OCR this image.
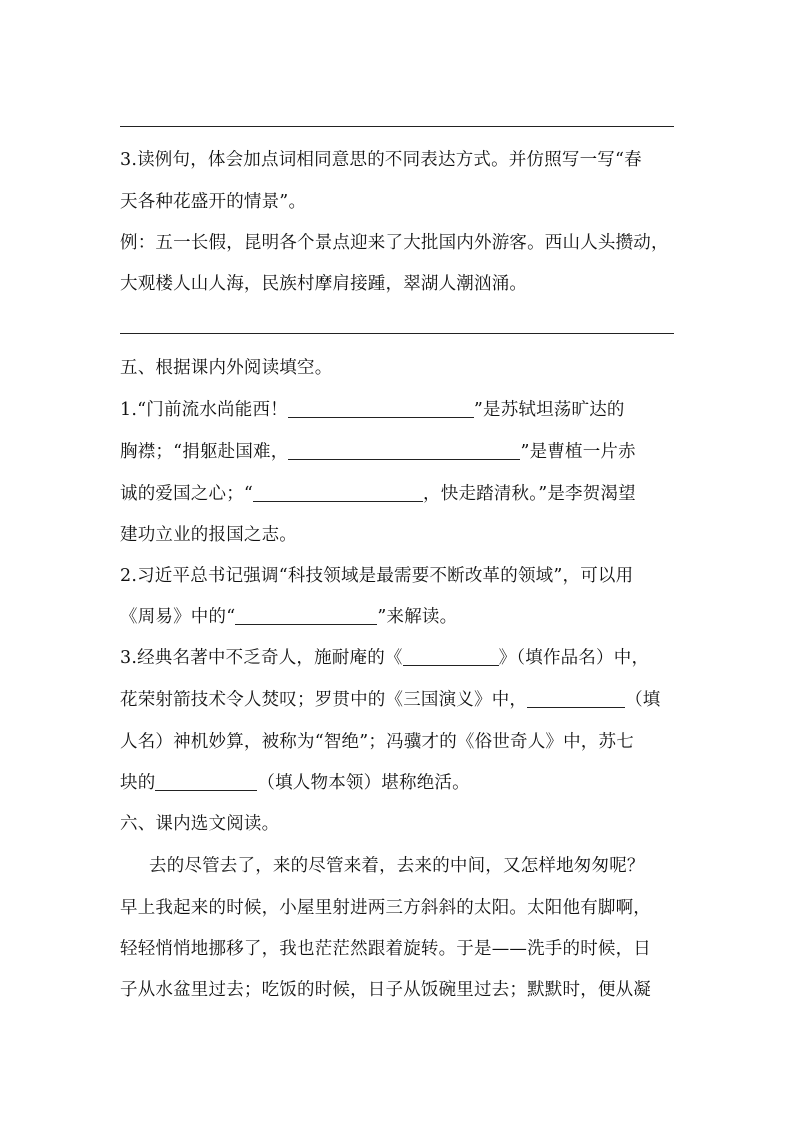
3.读例句，体会加点词相同意思的不同表达方式。并仿照写一写“春
天各种花盛开的情景”。
例：五一长假，昆明各个景点迎来了大批国内外游客。西山人头攒动，
大观楼人山人海，民族村摩肩接踵，翠湖人潮汹涌。
五、根据课内外阅读填空。
1.“门前流水尚能西！	”是苏轼坦荡旷达的
胸襟；“捐躯赴国难，	”是曹植一片赤
诚的爱国之心；“	，快走踏清秋。”是李贺渴望
建功立业的报国之志。
2.习近平总书记强调“科技领域是最需要不断改革的领域”，可以用
《周易》中的“	”来解读。
3.经典名著中不乏奇人，施耐庵的《	》（填作品名）中，
花荣射箭技术令人焚叹；罗贯中的《三国演义》中，	（填
人名）神机妙算，被称为“智绝”；冯骥才的《俗世奇人》中，苏七
块的	（填人物本领）堪称绝活。
六、课内选文阅读。
去的尽管去了，来的尽管来着，去来的中间，又怎样地匆匆呢？
早上我起来的时候，小屋里射进两三方斜斜的太阳。太阳他有脚啊，
轻轻悄悄地挪移了，我也茫茫然跟着旋转。于是——洗手的时候，日
子从水盆里过去；吃饭的时候，日子从饭碗里过去；默默时，便从凝
